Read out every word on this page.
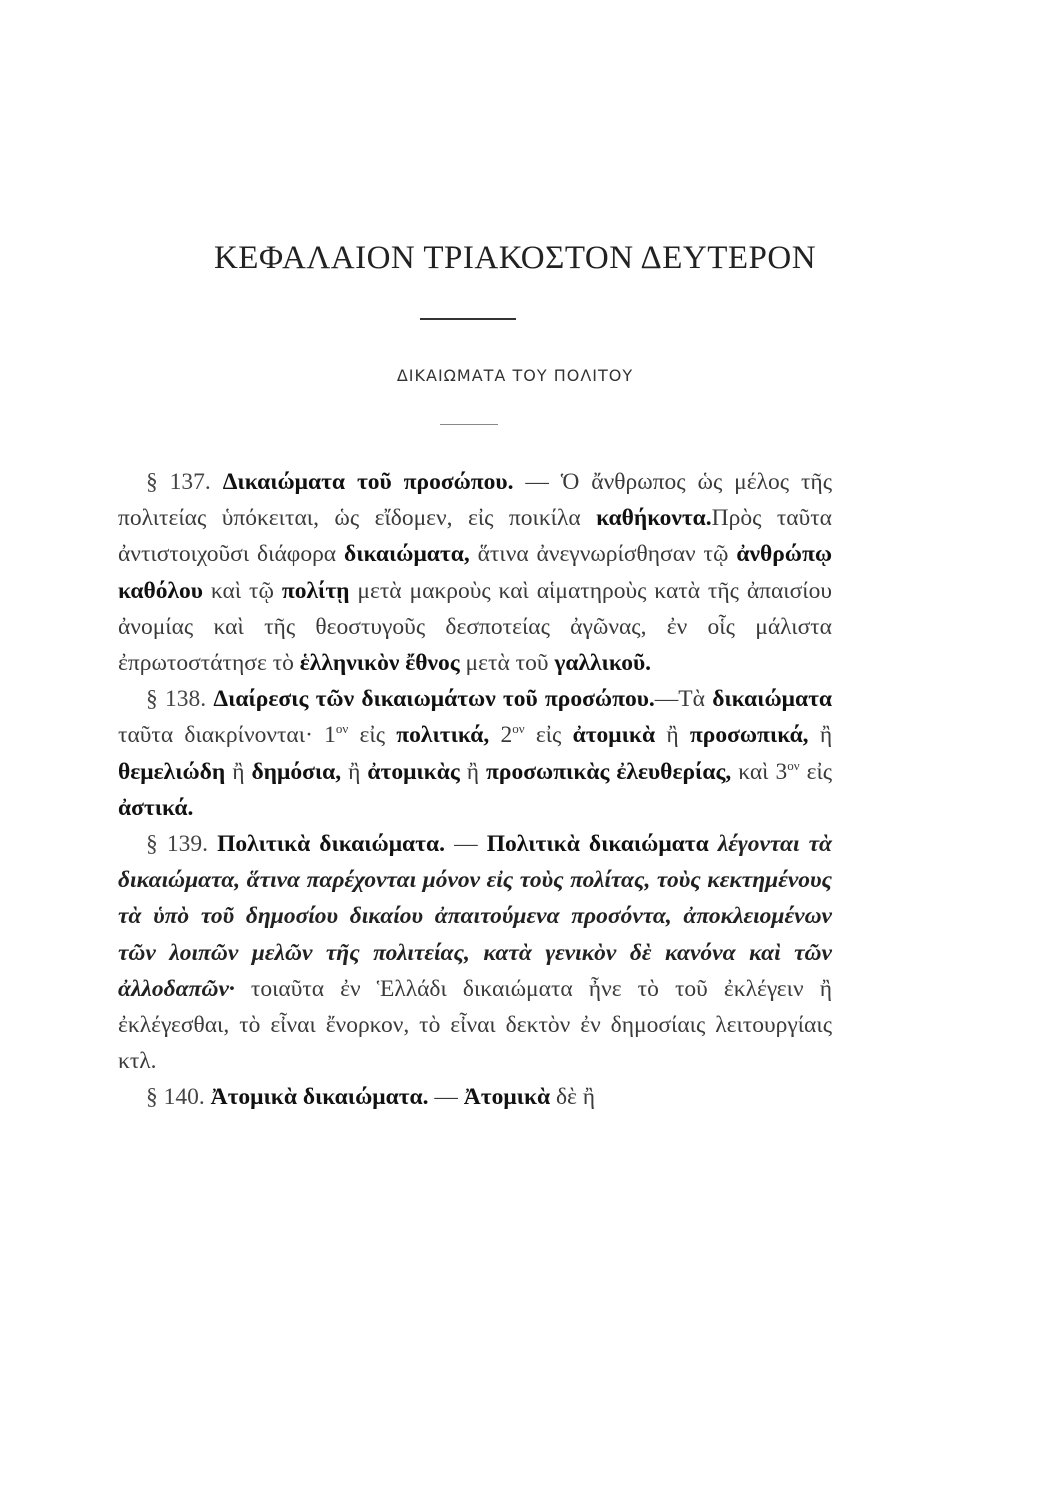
ΚΕΦΑΛΑΙΟΝ ΤΡΙΑΚΟΣΤΟΝ ΔΕΥΤΕΡΟΝ
ΔΙΚΑΙΩΜΑΤΑ ΤΟΥ ΠΟΛΙΤΟΥ

§ 137. Δικαιώματα τοῦ προσώπου. — Ὁ ἄνθρωπος ὡς μέλος τῆς πολιτείας ὑπόκειται, ὡς εἴδομεν, εἰς ποικίλα καθήκοντα.Πρὸς ταῦτα ἀντιστοιχοῦσι διάφορα δικαιώματα, ἅτινα ἀνεγνωρίσθησαν τῷ ἀνθρώπῳ καθόλου καὶ τῷ πολίτῃ μετὰ μακροὺς καὶ αἱματηροὺς κατὰ τῆς ἀπαισίου ἀνομίας καὶ τῆς θεοστυγοῦς δεσποτείας ἀγῶνας, ἐν οἷς μάλιστα ἐπρωτοστάτησε τὸ ἑλληνικὸν ἔθνος μετὰ τοῦ γαλλικοῦ.

§ 138. Διαίρεσις τῶν δικαιωμάτων τοῦ προσώπου.—Τὰ δικαιώματα ταῦτα $\delta\iota\alpha\kappa\rho ί\nu o\nu\tau\alpha\iota\cdot 1^{o\nu}$ εἰς πολιτικά, $2^{o\nu}$ εἰς ἀτομικὰ ἢ προσωπικά, ἢ θεμελιώδη ἢ δημόσια, ἢ ἀτομικὰς ἢ προσωπικὰς ἐλευθερίας, καὶ $3^{o\nu}$ εἰς ἀστικά.

§ 139. Πολιτικὰ δικαιώματα. — Πολιτικὰ δικαιώματα λέγονται τὰ δικαιώματα, ἅτινα παρέχονται μόνον εἰς τοὺς πολίτας, τοὺς κεκτημένους τὰ ὑπὸ τοῦ δημοσίου δικαίου ἀπαιτούμενα προσόντα, ἀποκλειομένων τῶν λοιπῶν μελῶν τῆς πολιτείας, κατὰ γενικὸν δὲ κανόνα καὶ τῶν ἀλλοδαπῶν· τοιαῦτα ἐν Ἑλλάδι δικαιώματα ἦνε τὸ τοῦ ἐκλέγειν ἢ ἐκλέγεσθαι, τὸ εἶναι ἔνορκον, τὸ εἶναι δεκτὸν ἐν δημοσίαις λειτουργίαις κτλ.

§ 140. Ἀτομικὰ δικαιώματα. — Ἀτομικὰ δὲ ἢ
